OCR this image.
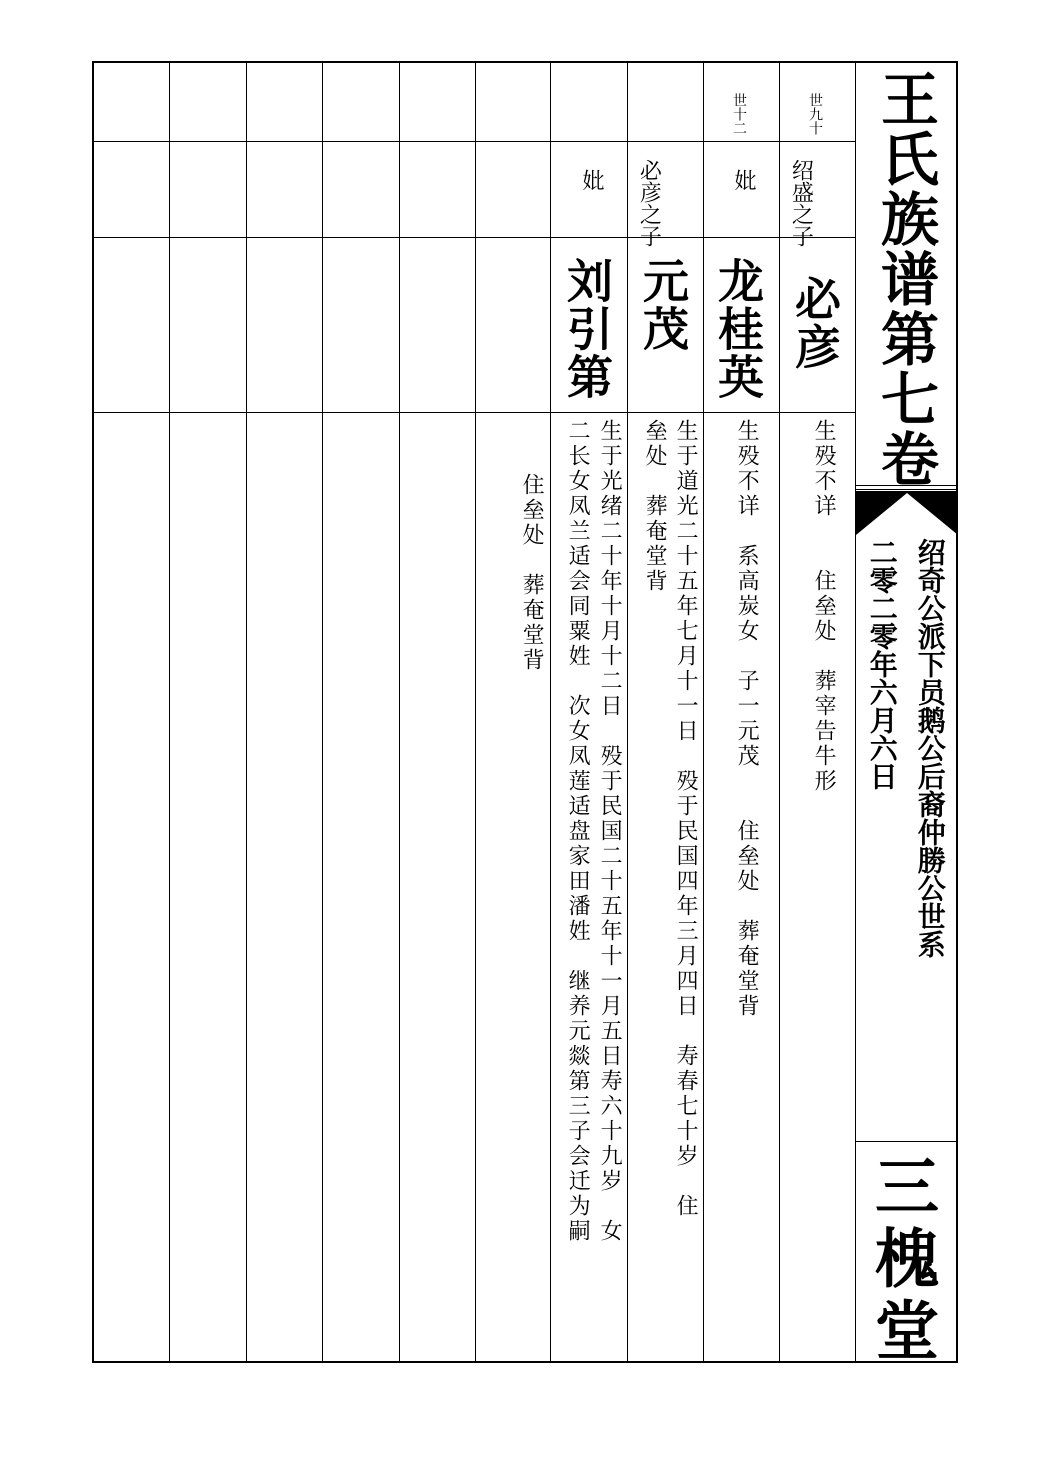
王氏族谱第七卷
绍奇公派下员鹅公后裔仲勝公世系
二零二零年六月六日
三槐堂
世九十
绍盛之子
必彦
生殁不详　　住垒处　葬宰告牛形
妣
龙桂英
生殁不详　系高炭女　子一元茂　　住垒处　葬奄堂背
世十二
必彦之子
元茂
生于道光二十五年七月十一日　殁于民国四年三月四日　寿春七十岁　住
垒处　葬奄堂背
妣
刘引第
生于光绪二十年十月十二日　殁于民国二十五年十一月五日寿六十九岁　女
二长女凤兰适会同粟姓　次女凤莲适盘家田潘姓　继养元燚第三子会迁为嗣
住垒处　葬奄堂背
